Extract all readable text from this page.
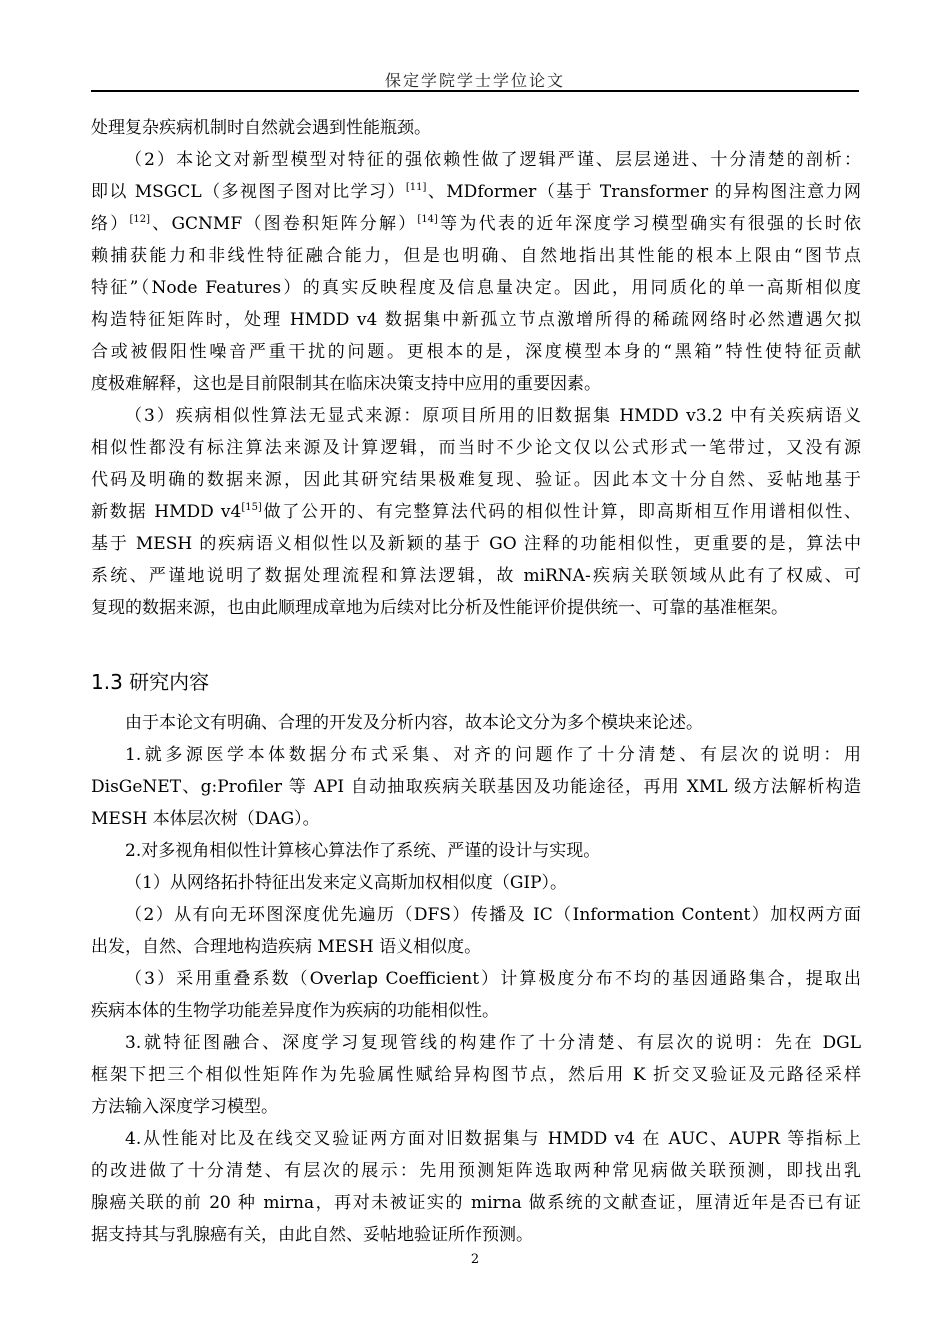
保定学院学士学位论文
处理复杂疾病机制时自然就会遇到性能瓶颈。
（2）本论文对新型模型对特征的强依赖性做了逻辑严谨、层层递进、十分清楚的剖析：
即以 MSGCL（多视图子图对比学习）[11]、MDformer（基于 Transformer 的异构图注意力网
络）[12]、GCNMF（图卷积矩阵分解）[14]等为代表的近年深度学习模型确实有很强的长时依
赖捕获能力和非线性特征融合能力，但是也明确、自然地指出其性能的根本上限由“图节点
特征”（Node Features）的真实反映程度及信息量决定。因此，用同质化的单一高斯相似度
构造特征矩阵时，处理 HMDD v4 数据集中新孤立节点激增所得的稀疏网络时必然遭遇欠拟
合或被假阳性噪音严重干扰的问题。更根本的是，深度模型本身的“黑箱”特性使特征贡献
度极难解释，这也是目前限制其在临床决策支持中应用的重要因素。
（3）疾病相似性算法无显式来源：原项目所用的旧数据集 HMDD v3.2 中有关疾病语义
相似性都没有标注算法来源及计算逻辑，而当时不少论文仅以公式形式一笔带过，又没有源
代码及明确的数据来源，因此其研究结果极难复现、验证。因此本文十分自然、妥帖地基于
新数据 HMDD v4[15]做了公开的、有完整算法代码的相似性计算，即高斯相互作用谱相似性、
基于 MESH 的疾病语义相似性以及新颖的基于 GO 注释的功能相似性，更重要的是，算法中
系统、严谨地说明了数据处理流程和算法逻辑，故 miRNA-疾病关联领域从此有了权威、可
复现的数据来源，也由此顺理成章地为后续对比分析及性能评价提供统一、可靠的基准框架。
1.3 研究内容
由于本论文有明确、合理的开发及分析内容，故本论文分为多个模块来论述。
1.就多源医学本体数据分布式采集、对齐的问题作了十分清楚、有层次的说明：用
DisGeNET、g:Profiler 等 API 自动抽取疾病关联基因及功能途径，再用 XML 级方法解析构造
MESH 本体层次树（DAG）。
2.对多视角相似性计算核心算法作了系统、严谨的设计与实现。
（1）从网络拓扑特征出发来定义高斯加权相似度（GIP）。
（2）从有向无环图深度优先遍历（DFS）传播及 IC（Information Content）加权两方面
出发，自然、合理地构造疾病 MESH 语义相似度。
（3）采用重叠系数（Overlap Coefficient）计算极度分布不均的基因通路集合，提取出
疾病本体的生物学功能差异度作为疾病的功能相似性。
3.就特征图融合、深度学习复现管线的构建作了十分清楚、有层次的说明：先在 DGL
框架下把三个相似性矩阵作为先验属性赋给异构图节点，然后用 K 折交叉验证及元路径采样
方法输入深度学习模型。
4.从性能对比及在线交叉验证两方面对旧数据集与 HMDD v4 在 AUC、AUPR 等指标上
的改进做了十分清楚、有层次的展示：先用预测矩阵选取两种常见病做关联预测，即找出乳
腺癌关联的前 20 种 mirna，再对未被证实的 mirna 做系统的文献查证，厘清近年是否已有证
据支持其与乳腺癌有关，由此自然、妥帖地验证所作预测。
2
